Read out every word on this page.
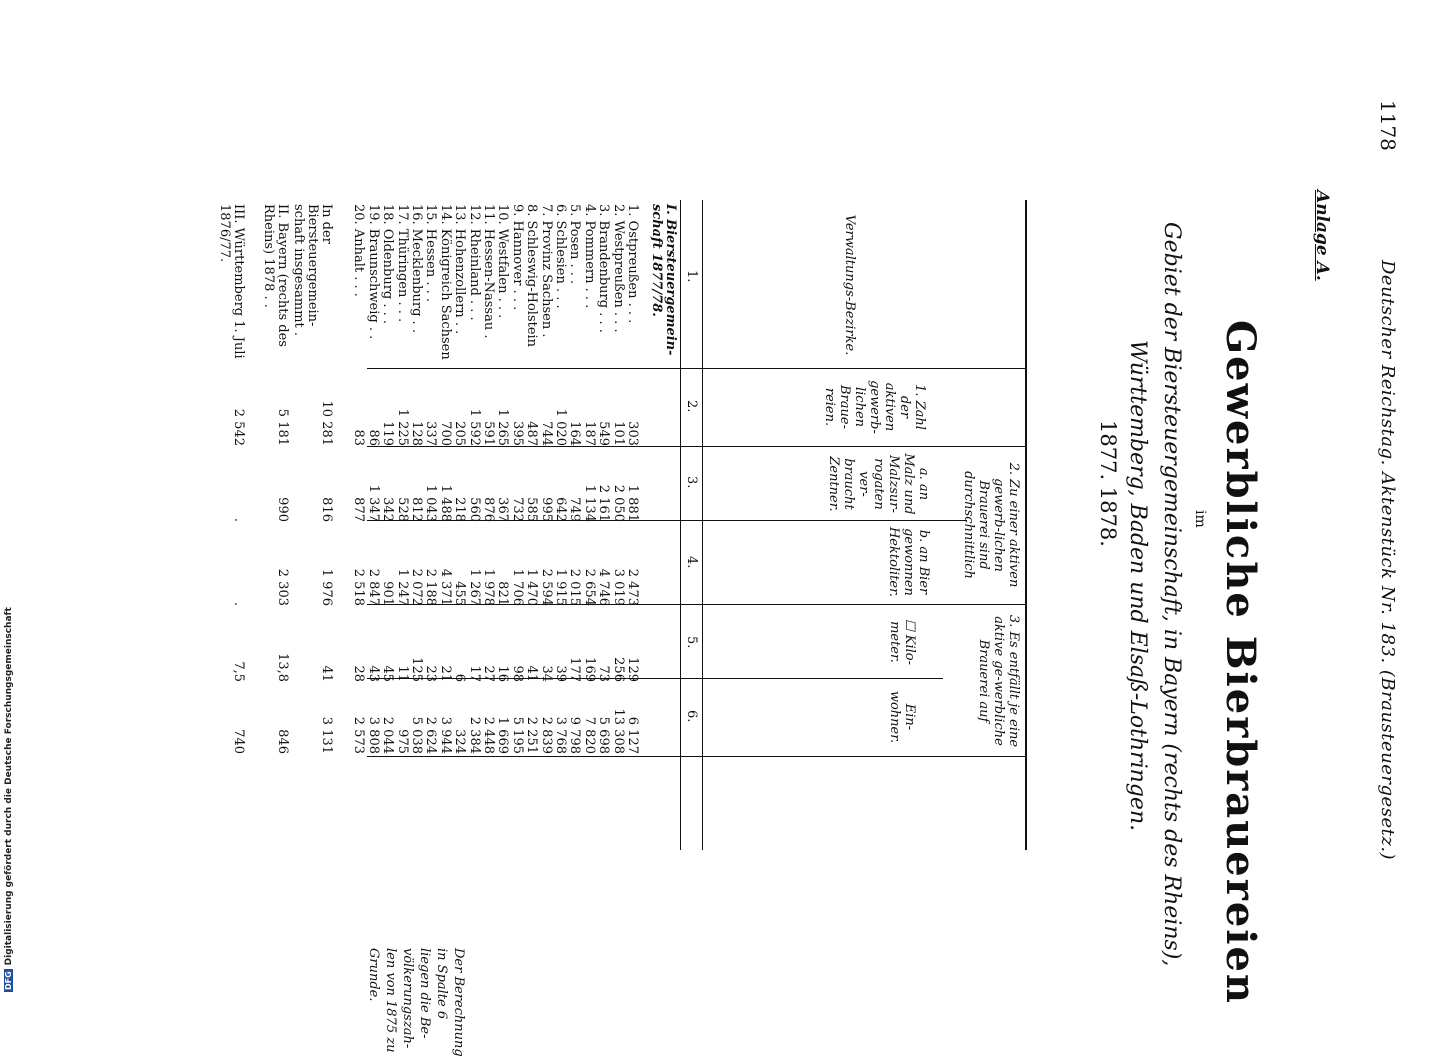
DFGDigitalisierung gefördert durch die Deutsche Forschungsgemeinschaft
1178
Deutscher Reichstag. Aktenstück Nr. 183. (Brausteuergesetz.)
Anlage A.
Gewerbliche Bierbrauereien
im
Gebiet der Biersteuergemeinschaft, in Bayern (rechts des Rheins),
Württemberg, Baden und Elsaß-Lothringen.
1877. 1878.
Verwaltungs-Bezirke.
1. Zahl der aktiven gewerb-lichen Braue-reien.
2. Zu einer aktiven gewerb-lichen Brauerei sind durchschnittlich
a. an Malz und Malzsur-rogaten ver-braucht Zentner.
b. an Bier gewonnen Hektoliter.
3. Es entfällt je eine aktive ge-werbliche Brauerei auf
☐ Kilo-meter.
Ein-wohner.
1.
2.
3.
4.
5.
6.
I. Biersteuergemein-schaft 1877/78.
1. Ostpreußen . . .
303
1 881
2 473
129
6 127
2. Westpreußen . . .
101
2 050
3 019
256
13 308
3. Brandenburg . . .
549
2 161
4 746
73
5 698
4. Pommern . . .
187
1 134
2 654
169
7 820
5. Posen . . .
164
749
2 015
177
9 798
6. Schlesien . . .
1 020
642
1 915
39
3 768
7. Provinz Sachsen .
744
995
2 594
34
2 839
8. Schleswig-Holstein
487
585
1 470
41
2 251
9. Hannover . . .
395
732
1 706
98
5 195
10. Westfalen . . .
1 265
367
821
16
1 669
11. Hessen-Nassau .
591
876
1 978
27
2 448
12. Rheinland . . .
1 592
560
1 267
17
2 384
13. Hohenzollern . .
205
218
455
6
324
14. Königreich Sachsen
700
1 488
4 371
21
3 944
15. Hessen . . .
337
1 043
2 188
23
2 624
16. Mecklenburg . .
128
812
2 072
125
5 038
17. Thüringen . . .
1 225
528
1 247
11
975
18. Oldenburg . . .
119
342
901
45
2 044
19. Braunschweig . .
86
1 347
2 847
43
3 808
20. Anhalt . . .
83
877
2 518
28
2 573
In der Biersteuergemein-schaft insgesammt .
10 281
816
1 976
41
3 131
II. Bayern (rechts des Rheins) 1878 . .
5 181
990
2 303
13,8
846
III. Württemberg 1. Juli 1876/77.
2 542
.
.
7,5
740
Der Berechnung in Spalte 6 liegen die Be-völkerungszah-len von 1875 zu Grunde.
